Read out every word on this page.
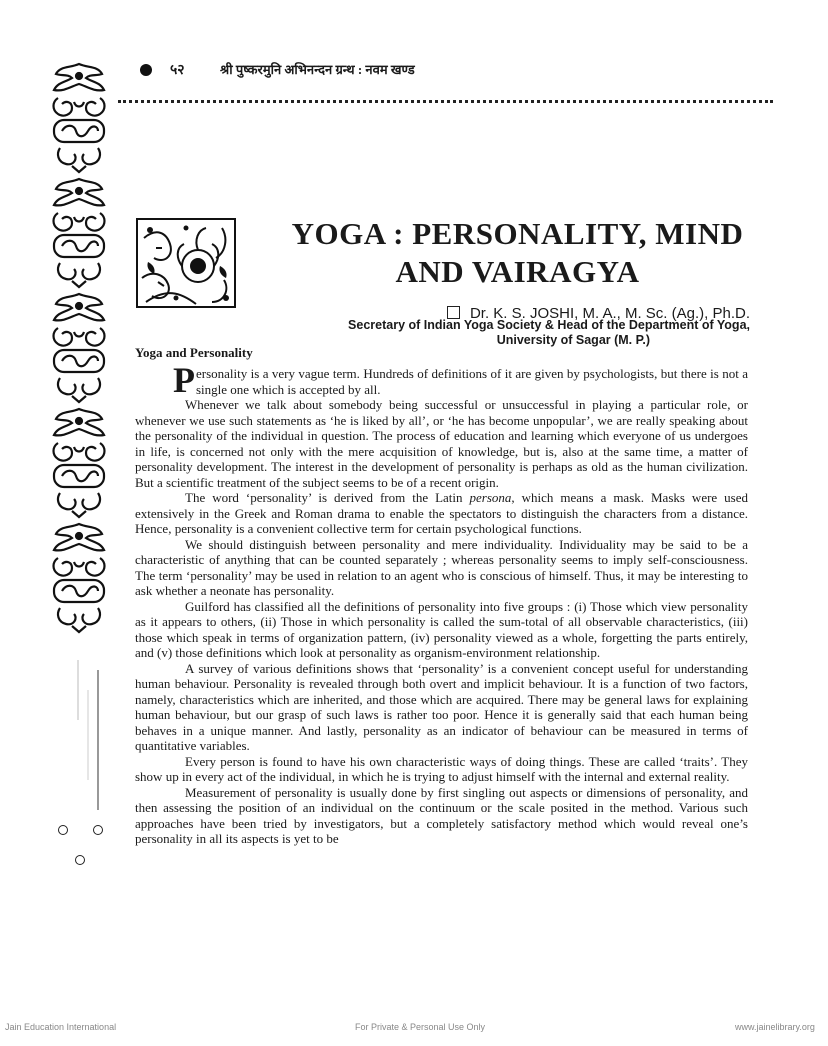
५२	श्री पुष्करमुनि अभिनन्दन ग्रन्थ : नवम खण्ड
YOGA : PERSONALITY, MIND
AND VAIRAGYA
Dr. K. S. JOSHI, M. A., M. Sc. (Ag.), Ph.D.
Secretary of Indian Yoga Society & Head of the Department of Yoga,
University of Sagar (M. P.)
Yoga and Personality

Personality is a very vague term. Hundreds of definitions of it are given by psychologists, but there is not a single one which is accepted by all.

Whenever we talk about somebody being successful or unsuccessful in playing a particular role, or whenever we use such statements as ‘he is liked by all’, or ‘he has become unpopular’, we are really speaking about the personality of the individual in question. The process of education and learning which everyone of us undergoes in life, is concerned not only with the mere acquisition of knowledge, but is, also at the same time, a matter of personality development. The interest in the development of personality is perhaps as old as the human civilization. But a scientific treatment of the subject seems to be of a recent origin.

The word ‘personality’ is derived from the Latin persona, which means a mask. Masks were used extensively in the Greek and Roman drama to enable the spectators to distinguish the characters from a distance. Hence, personality is a convenient collective term for certain psychological functions.

We should distinguish between personality and mere individuality. Individuality may be said to be a characteristic of anything that can be counted separately ; whereas personality seems to imply self-consciousness. The term ‘personality’ may be used in relation to an agent who is conscious of himself. Thus, it may be interesting to ask whether a neonate has personality.

Guilford has classified all the definitions of personality into five groups : (i) Those which view personality as it appears to others, (ii) Those in which personality is called the sum-total of all observable characteristics, (iii) those which speak in terms of organization pattern, (iv) personality viewed as a whole, forgetting the parts entirely, and (v) those definitions which look at personality as organism-environment relationship.

A survey of various definitions shows that ‘personality’ is a convenient concept useful for understanding human behaviour. Personality is revealed through both overt and implicit behaviour. It is a function of two factors, namely, characteristics which are inherited, and those which are acquired. There may be general laws for explaining human behaviour, but our grasp of such laws is rather too poor. Hence it is generally said that each human being behaves in a unique manner. And lastly, personality as an indicator of behaviour can be measured in terms of quantitative variables.

Every person is found to have his own characteristic ways of doing things. These are called ‘traits’. They show up in every act of the individual, in which he is trying to adjust himself with the internal and external reality.

Measurement of personality is usually done by first singling out aspects or dimensions of personality, and then assessing the position of an individual on the continuum or the scale posited in the method. Various such approaches have been tried by investigators, but a completely satisfactory method which would reveal one’s personality in all its aspects is yet to be

Jain Education International	For Private & Personal Use Only	www.jainelibrary.org
